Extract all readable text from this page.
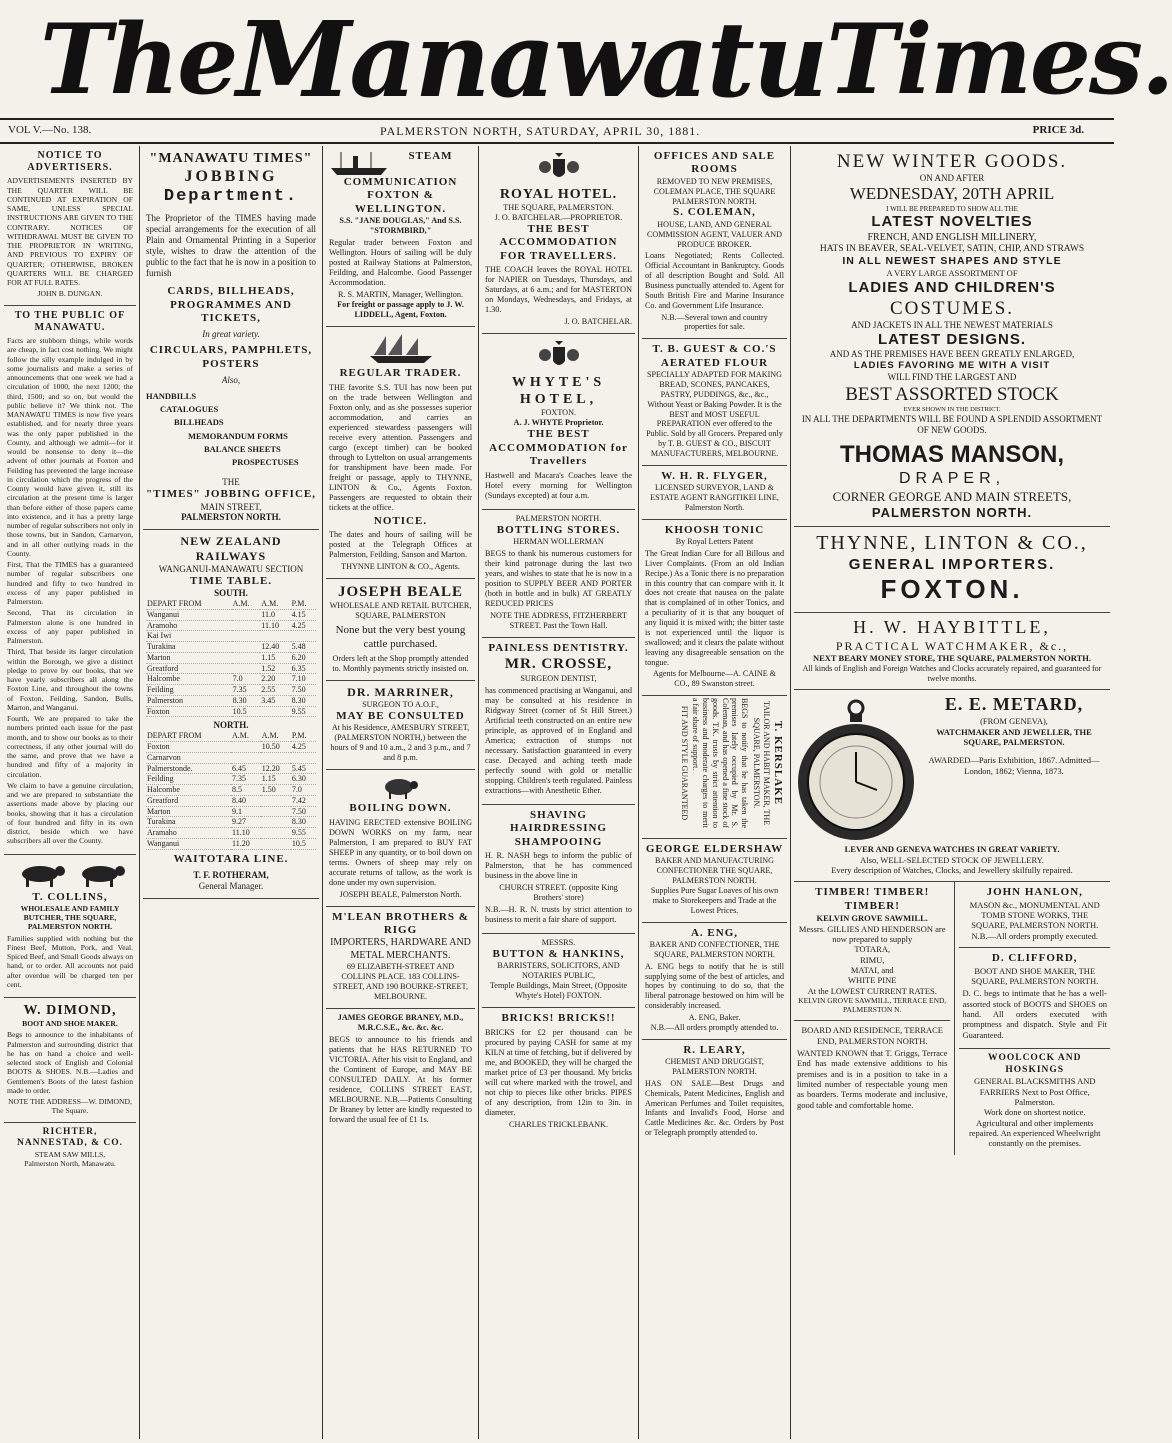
The Manawatu Times.
VOL V.—No. 138.	PALMERSTON NORTH, SATURDAY, APRIL 30, 1881.	PRICE 3d.
NOTICE TO ADVERTISERS.

ADVERTISEMENTS INSERTED BY THE QUARTER WILL BE CONTINUED AT EXPIRATION OF SAME, UNLESS SPECIAL INSTRUCTIONS ARE GIVEN TO THE CONTRARY. NOTICES OF WITHDRAWAL MUST BE GIVEN TO THE PROPRIETOR IN WRITING, AND PREVIOUS TO EXPIRY OF QUARTER; OTHERWISE, BROKEN QUARTERS WILL BE CHARGED FOR AT FULL RATES.

JOHN B. DUNGAN.
TO THE PUBLIC OF MANAWATU.

Facts are stubborn things, while words are cheap, in fact cost nothing. We might follow the silly example indulged in by some journalists and make a series of announcements that one week we had a circulation of 1000, the next 1200; the third, 1500; and so on, but would the public believe it? We think not. The MANAWATU TIMES is now five years established, and for nearly three years was the only paper published in the County, and although we admit—for it would be nonsense to deny it—the advent of other journals at Foxton and Feilding has prevented the large increase in circulation which the progress of the County would have given it, still its circulation at the present time is larger than before either of those papers came into existence, and it has a pretty large number of regular subscribers not only in those towns, but in Sandon, Carnarvon, and in all other outlying roads in the County.

First, That the TIMES has a guaranteed number of regular subscribers one hundred and fifty to two hundred in excess of any paper published in Palmerston.

Second, That its circulation in Palmerston alone is one hundred in excess of any paper published in Palmerston.

Third, That beside its larger circulation within the Borough, we give a distinct pledge to prove by our books, that we have yearly subscribers all along the Foxton Line, and throughout the towns of Foxton, Feilding, Sandon, Bulls, Marton, and Wanganui.

Fourth, We are prepared to take the numbers printed each issue for the past month, and to show our books as to their correctness, if any other journal will do the same, and prove that we have a hundred and fifty of a majority in circulation.

We claim to have a genuine circulation, and we are prepared to substantiate the assertions made above by placing our books, showing that it has a circulation of four hundred and fifty in its own district, beside which we have subscribers all over the County.

T. COLLINS,
WHOLESALE AND FAMILY BUTCHER, THE SQUARE, PALMERSTON NORTH.

Families supplied with nothing but the Finest Beef, Mutton, Pork, and Veal. Spiced Beef, and Small Goods always on hand, or to order. All accounts not paid after overdue will be charged ten per cent.

W. DIMOND,
BOOT AND SHOE MAKER.

Begs to announce to the inhabitants of Palmerston and surrounding district that he has on hand a choice and well-selected stock of English and Colonial BOOTS & SHOES. N.B.—Ladies and Gentlemen's Boots of the latest fashion made to order.

NOTE THE ADDRESS—W. DIMOND, The Square.
RICHTER, NANNESTAD, & CO.
STEAM SAW MILLS,
Palmerston North, Manawatu.
"MANAWATU TIMES"
JOBBING
Department.

The Proprietor of the TIMES having made special arrangements for the execution of all Plain and Ornamental Printing in a Superior style, wishes to draw the attention of the public to the fact that he is now in a position to furnish

CARDS, BILLHEADS, PROGRAMMES AND TICKETS,
In great variety.
CIRCULARS, PAMPHLETS, POSTERS
Also,
HANDBILLS
CATALOGUES
BILLHEADS
MEMORANDUM FORMS
BALANCE SHEETS
PROSPECTUSES
THE
"TIMES" JOBBING OFFICE,
MAIN STREET,
PALMERSTON NORTH.
NEW ZEALAND RAILWAYS
WANGANUI-MANAWATU SECTION
TIME TABLE.
SOUTH.
DEPART FROM	A.M.	A.M.	P.M.
Wanganui		11.0	4.15
Aramoho		11.10	4.25
Kai Iwi			
Turakina		12.40	5.48
Marton		1.15	6.20
Greatford		1.52	6.35
Halcombe	7.0	2.20	7.10
Feilding	7.35	2.55	7.50
Palmerston	8.30	3.45	8.30
Foxton	10.5		9.55
NORTH.
DEPART FROM	A.M.	A.M.	P.M.
Foxton		10.50	4.25
Carnarvon			
Palmerstonde.	6.45	12.20	5.45
Feilding	7.35	1.15	6.30
Halcombe	8.5	1.50	7.0
Greatford	8.40		7.42
Marton	9.1		7.50
Turakina	9.27		8.30
Aramaho	11.10		9.55
Wanganui	11.20		10.5
WAITOTARA LINE.
T. F. ROTHERAM,
General Manager.
STEAM COMMUNICATION
FOXTON & WELLINGTON.
S.S. "JANE DOUGLAS," And S.S. "STORMBIRD,"

Regular trader between Foxton and Wellington. Hours of sailing will be duly posted at Railway Stations at Palmerston, Feilding, and Halcombe. Good Passenger Accommodation.

R. S. MARTIN, Manager, Wellington.
For freight or passage apply to J. W. LIDDELL, Agent, Foxton.
REGULAR TRADER.

THE favorite S.S. TUI has now been put on the trade between Wellington and Foxton only, and as she possesses superior accommodation, and carries an experienced stewardess passengers will receive every attention. Passengers and cargo (except timber) can be booked through to Lyttelton on usual arrangements for transhipment have been made. For freight or passage, apply to THYNNE, LINTON & Co., Agents Foxton. Passengers are requested to obtain their tickets at the office.

NOTICE.

The dates and hours of sailing will be posted at the Telegraph Offices at Palmerston, Feilding, Sanson and Marton.

THYNNE LINTON & CO., Agents.
JOSEPH BEALE
WHOLESALE AND RETAIL BUTCHER, SQUARE, PALMERSTON
None but the very best young cattle purchased.
Orders left at the Shop promptly attended to. Monthly payments strictly insisted on.
DR. MARRINER,
SURGEON TO A.O.F.,
MAY BE CONSULTED
At his Residence, AMESBURY STREET, (PALMERSTON NORTH,) between the hours of 9 and 10 a.m., 2 and 3 p.m., and 7 and 8 p.m.
BOILING DOWN.

HAVING ERECTED extensive BOILING DOWN WORKS on my farm, near Palmerston, I am prepared to BUY FAT SHEEP in any quantity, or to boil down on terms. Owners of sheep may rely on accurate returns of tallow, as the work is done under my own supervision.

JOSEPH BEALE, Palmerston North.
M'LEAN BROTHERS & RIGG
IMPORTERS, HARDWARE AND METAL MERCHANTS.
69 ELIZABETH-STREET AND COLLINS PLACE. 183 COLLINS-STREET, AND 190 BOURKE-STREET, MELBOURNE.
JAMES GEORGE BRANEY, M.D., M.R.C.S.E., &c. &c. &c.

BEGS to announce to his friends and patients that he HAS RETURNED TO VICTORIA. After his visit to England, and the Continent of Europe, and MAY BE CONSULTED DAILY. At his former residence, COLLINS STREET EAST, MELBOURNE. N.B.—Patients Consulting Dr Braney by letter are kindly requested to forward the usual fee of £1 1s.

ROYAL HOTEL.
THE SQUARE, PALMERSTON.
J. O. BATCHELAR.—PROPRIETOR.
THE BEST ACCOMMODATION FOR TRAVELLERS.

THE COACH leaves the ROYAL HOTEL for NAPIER on Tuesdays, Thursdays, and Saturdays, at 6 a.m.; and for MASTERTON on Mondays, Wednesdays, and Fridays, at 1.30.

J. O. BATCHELAR.
WHYTE'S HOTEL,
FOXTON.
A. J. WHYTE Proprietor.
THE BEST ACCOMMODATION for Travellers

Hastwell and Macara's Coaches leave the Hotel every morning for Wellington (Sundays excepted) at four a.m.

PALMERSTON NORTH.
BOTTLING STORES.
HERMAN WOLLERMAN

BEGS to thank his numerous customers for their kind patronage during the last two years, and wishes to state that he is now in a position to SUPPLY BEER AND PORTER (both in bottle and in bulk) AT GREATLY REDUCED PRICES

NOTE THE ADDRESS, FITZHERBERT STREET. Past the Town Hall.
PAINLESS DENTISTRY.
MR. CROSSE,
SURGEON DENTIST,

has commenced practising at Wanganui, and may be consulted at his residence in Ridgway Street (corner of St Hill Street.) Artificial teeth constructed on an entire new principle, as approved of in England and America; extraction of stumps not necessary. Satisfaction guaranteed in every case. Decayed and aching teeth made perfectly sound with gold or metallic stopping. Children's teeth regulated. Painless extractions—with Anesthetic Ether.

SHAVING HAIRDRESSING SHAMPOOING

H. R. NASH begs to inform the public of Palmerston, that he has commenced business in the above line in

CHURCH STREET. (opposite King Brothers' store)

N.B.—H. R. N. trusts by strict attention to business to merit a fair share of support.

MESSRS.
BUTTON & HANKINS,
BARRISTERS, SOLICITORS, AND NOTARIES PUBLIC,
Temple Buildings, Main Street, (Opposite Whyte's Hotel) FOXTON.
BRICKS! BRICKS!!

BRICKS for £2 per thousand can be procured by paying CASH for same at my KILN at time of fetching, but if delivered by me, and BOOKED, they will be charged the market price of £3 per thousand. My bricks will cut where marked with the trowel, and not chip to pieces like other bricks. PIPES of any description, from 12in to 3in. in diameter.

CHARLES TRICKLEBANK.
OFFICES AND SALE ROOMS
REMOVED TO NEW PREMISES, COLEMAN PLACE, THE SQUARE PALMERSTON NORTH.
S. COLEMAN,
HOUSE, LAND, AND GENERAL COMMISSION AGENT, VALUER AND PRODUCE BROKER.

Loans Negotiated; Rents Collected. Official Accountant in Bankruptcy. Goods of all description Bought and Sold. All Business punctually attended to. Agent for South British Fire and Marine Insurance Co. and Government Life Insurance.

N.B.—Several town and country properties for sale.
T. B. GUEST & CO.'S AERATED FLOUR
SPECIALLY ADAPTED FOR MAKING BREAD, SCONES, PANCAKES, PASTRY, PUDDINGS, &c., &c.,
Without Yeast or Baking Powder. It is the BEST and MOST USEFUL PREPARATION ever offered to the Public. Sold by all Grocers. Prepared only by T. B. GUEST & CO., BISCUIT MANUFACTURERS, MELBOURNE.
W. H. R. FLYGER,
LICENSED SURVEYOR, LAND & ESTATE AGENT RANGITIKEI LINE,
Palmerston North.
KHOOSH TONIC
By Royal Letters Patent

The Great Indian Cure for all Billous and Liver Complaints. (From an old Indian Recipe.) As a Tonic there is no preparation in this country that can compare with it. It does not create that nausea on the palate that is complained of in other Tonics, and a peculiarity of it is that any bouquet of any liquid it is mixed with; the bitter taste is not experienced until the liquor is swallowed; and it clears the palate without leaving any disagreeable sensation on the tongue.

Agents for Melbourne—A. CAINE & CO., 89 Swanston street.
T. KERSLAKE
TAILOR AND HABIT MAKER, THE SQUARE, PALMERSTON.

BEGS to notify that he has taken the premises lately occupied by Mr. S. Coleman, and has opened a fine stock of goods. T.K. trusts by strict attention to business and moderate charges to merit a fair share of support.

FIT AND STYLE GUARANTEED
GEORGE ELDERSHAW
BAKER AND MANUFACTURING CONFECTIONER THE SQUARE, PALMERSTON NORTH.
Supplies Pure Sugar Loaves of his own make to Storekeepers and Trade at the Lowest Prices.
A. ENG,
BAKER AND CONFECTIONER, THE SQUARE, PALMERSTON NORTH.

A. ENG begs to notify that he is still supplying some of the best of articles, and hopes by continuing to do so, that the liberal patronage bestowed on him will be considerably increased.

A. ENG, Baker.
N.B.—All orders promptly attended to.
R. LEARY,
CHEMIST AND DRUGGIST, PALMERSTON NORTH.

HAS ON SALE—Best Drugs and Chemicals, Patent Medicines, English and American Perfumes and Toilet requisites, Infants and Invalid's Food, Horse and Cattle Medicines &c. &c. Orders by Post or Telegraph promptly attended to.

NEW WINTER GOODS.
ON AND AFTER
WEDNESDAY, 20TH APRIL
I WILL BE PREPARED TO SHOW ALL THE
LATEST NOVELTIES
FRENCH, AND ENGLISH MILLINERY,
HATS IN BEAVER, SEAL-VELVET, SATIN, CHIP, AND STRAWS
IN ALL NEWEST SHAPES AND STYLE
A VERY LARGE ASSORTMENT OF
LADIES AND CHILDREN'S
COSTUMES.
AND JACKETS IN ALL THE NEWEST MATERIALS
LATEST DESIGNS.
AND AS THE PREMISES HAVE BEEN GREATLY ENLARGED,
LADIES FAVORING ME WITH A VISIT
WILL FIND THE LARGEST AND
BEST ASSORTED STOCK
EVER SHOWN IN THE DISTRICT.
IN ALL THE DEPARTMENTS WILL BE FOUND A SPLENDID ASSORTMENT OF NEW GOODS.
THOMAS MANSON,
DRAPER,
CORNER GEORGE AND MAIN STREETS,
PALMERSTON NORTH.
THYNNE, LINTON & CO.,
GENERAL IMPORTERS.
FOXTON.
H. W. HAYBITTLE,
PRACTICAL WATCHMAKER, &c.,
NEXT BEARY MONEY STORE, THE SQUARE, PALMERSTON NORTH.
All kinds of English and Foreign Watches and Clocks accurately repaired, and guaranteed for twelve months.
E. E. METARD,
(FROM GENEVA),
WATCHMAKER AND JEWELLER, THE SQUARE, PALMERSTON.
AWARDED—Paris Exhibition, 1867. Admitted—London, 1862; Vienna, 1873.
LEVER AND GENEVA WATCHES IN GREAT VARIETY.
Also, WELL-SELECTED STOCK OF JEWELLERY.
Every description of Watches, Clocks, and Jewellery skilfully repaired.
TIMBER! TIMBER! TIMBER!
KELVIN GROVE SAWMILL.
Messrs. GILLIES AND HENDERSON are now prepared to supply
TOTARA,
RIMU,
MATAI, and
WHITE PINE
At the LOWEST CURRENT RATES.
KELVIN GROVE SAWMILL, TERRACE END, PALMERSTON N.
BOARD AND RESIDENCE, TERRACE END, PALMERSTON NORTH.

WANTED KNOWN that T. Griggs, Terrace End has made extensive additions to his premises and is in a position to take in a limited number of respectable young men as boarders. Terms moderate and inclusive, good table and comfortable home.

JOHN HANLON,
MASON &c., MONUMENTAL AND TOMB STONE WORKS, THE SQUARE, PALMERSTON NORTH.
N.B.—All orders promptly executed.
D. CLIFFORD,
BOOT AND SHOE MAKER, THE SQUARE, PALMERSTON NORTH.

D. C. begs to intimate that he has a well-assorted stock of BOOTS and SHOES on hand. All orders executed with promptness and dispatch. Style and Fit Guaranteed.

WOOLCOCK AND HOSKINGS
GENERAL BLACKSMITHS AND FARRIERS Next to Post Office, Palmerston.
Work done on shortest notice. Agricultural and other implements repaired. An experienced Wheelwright constantly on the premises.
